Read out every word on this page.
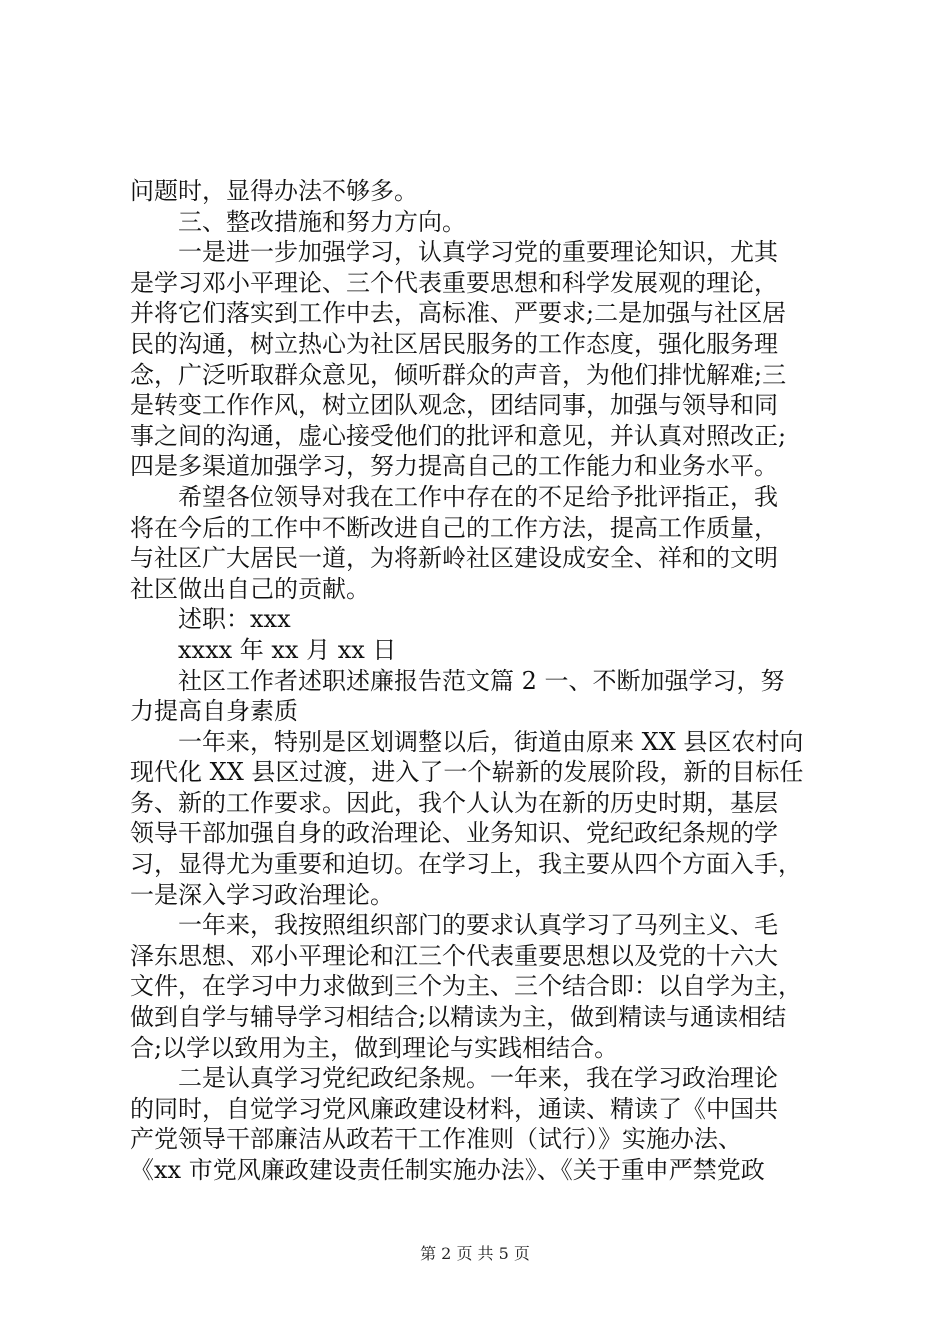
问题时，显得办法不够多。
三、整改措施和努力方向。
一是进一步加强学习，认真学习党的重要理论知识，尤其
是学习邓小平理论、三个代表重要思想和科学发展观的理论，
并将它们落实到工作中去，高标准、严要求;二是加强与社区居
民的沟通，树立热心为社区居民服务的工作态度，强化服务理
念，广泛听取群众意见，倾听群众的声音，为他们排忧解难;三
是转变工作作风，树立团队观念，团结同事，加强与领导和同
事之间的沟通，虚心接受他们的批评和意见，并认真对照改正;
四是多渠道加强学习，努力提高自己的工作能力和业务水平。
希望各位领导对我在工作中存在的不足给予批评指正，我
将在今后的工作中不断改进自己的工作方法，提高工作质量，
与社区广大居民一道，为将新岭社区建设成安全、祥和的文明
社区做出自己的贡献。
述职：xxx
xxxx 年 xx 月 xx 日
社区工作者述职述廉报告范文篇 2 一、不断加强学习，努
力提高自身素质
一年来，特别是区划调整以后，街道由原来 XX 县区农村向
现代化 XX 县区过渡，进入了一个崭新的发展阶段，新的目标任
务、新的工作要求。因此，我个人认为在新的历史时期，基层
领导干部加强自身的政治理论、业务知识、党纪政纪条规的学
习，显得尤为重要和迫切。在学习上，我主要从四个方面入手，
一是深入学习政治理论。
一年来，我按照组织部门的要求认真学习了马列主义、毛
泽东思想、邓小平理论和江三个代表重要思想以及党的十六大
文件，在学习中力求做到三个为主、三个结合即：以自学为主，
做到自学与辅导学习相结合;以精读为主，做到精读与通读相结
合;以学以致用为主，做到理论与实践相结合。
二是认真学习党纪政纪条规。一年来，我在学习政治理论
的同时，自觉学习党风廉政建设材料，通读、精读了《中国共
产党领导干部廉洁从政若干工作准则（试行）》实施办法、
《xx 市党风廉政建设责任制实施办法》、《关于重申严禁党政
第 2 页 共 5 页
